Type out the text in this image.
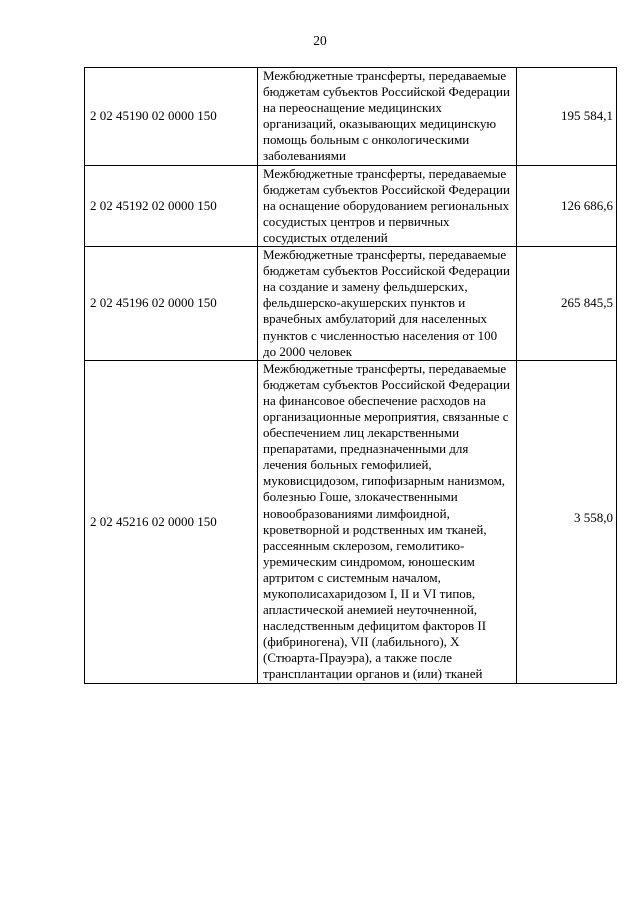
20
2 02 45190 02 0000 150	Межбюджетные трансферты, передаваемые бюджетам субъектов Российской Федерации на переоснащение медицинских организаций, оказывающих медицинскую помощь больным с онкологическими заболеваниями	195 584,1
2 02 45192 02 0000 150	Межбюджетные трансферты, передаваемые бюджетам субъектов Российской Федерации на оснащение оборудованием региональных сосудистых центров и первичных сосудистых отделений	126 686,6
2 02 45196 02 0000 150	Межбюджетные трансферты, передаваемые бюджетам субъектов Российской Федерации на создание и замену фельдшерских, фельдшерско-акушерских пунктов и врачебных амбулаторий для населенных пунктов с численностью населения от 100 до 2000 человек	265 845,5
2 02 45216 02 0000 150	Межбюджетные трансферты, передаваемые бюджетам субъектов Российской Федерации на финансовое обеспечение расходов на организационные мероприятия, связанные с обеспечением лиц лекарственными препаратами, предназначенными для лечения больных гемофилией, муковисцидозом, гипофизарным нанизмом, болезнью Гоше, злокачественными новообразованиями лимфоидной, кроветворной и родственных им тканей, рассеянным склерозом, гемолитико-уремическим синдромом, юношеским артритом с системным началом, мукополисахаридозом I, II и VI типов, апластической анемией неуточненной, наследственным дефицитом факторов II (фибриногена), VII (лабильного), X (Стюарта-Прауэра), а также после трансплантации органов и (или) тканей	3 558,0
